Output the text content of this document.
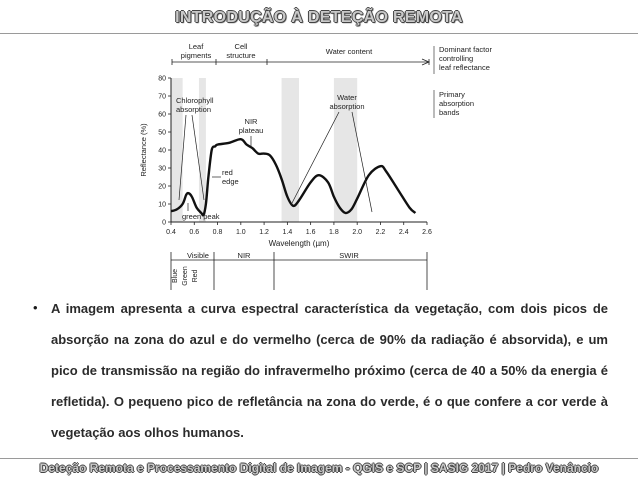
INTRODUÇÃO À DETEÇÃO REMOTA
Leaf
pigments
Cell
structure	Water content	Dominant factor
controlling
leaf reflectance
Primary
absorption
bands
0
10
20
30
40
50
60
70
80
0.4 0.6 0.8 1.0 1.2 1.4 1.6 1.8 2.0 2.2 2.4 2.6
Reflectance (%)
Wavelength (µm)
Chlorophyll
absorption
NIR
plateau
Water
absorption
red
edge
green peak
Visible	NIR	SWIR
Blue Green Red
• A imagem apresenta a curva espectral característica da vegetação, com dois picos de absorção na zona do azul e do vermelho (cerca de 90% da radiação é absorvida), e um pico de transmissão na região do infravermelho próximo (cerca de 40 a 50% da energia é refletida). O pequeno pico de refletância na zona do verde, é o que confere a cor verde à vegetação aos olhos humanos.
Deteção Remota e Processamento Digital de Imagem - QGIS e SCP | SASIG 2017 | Pedro Venâncio
